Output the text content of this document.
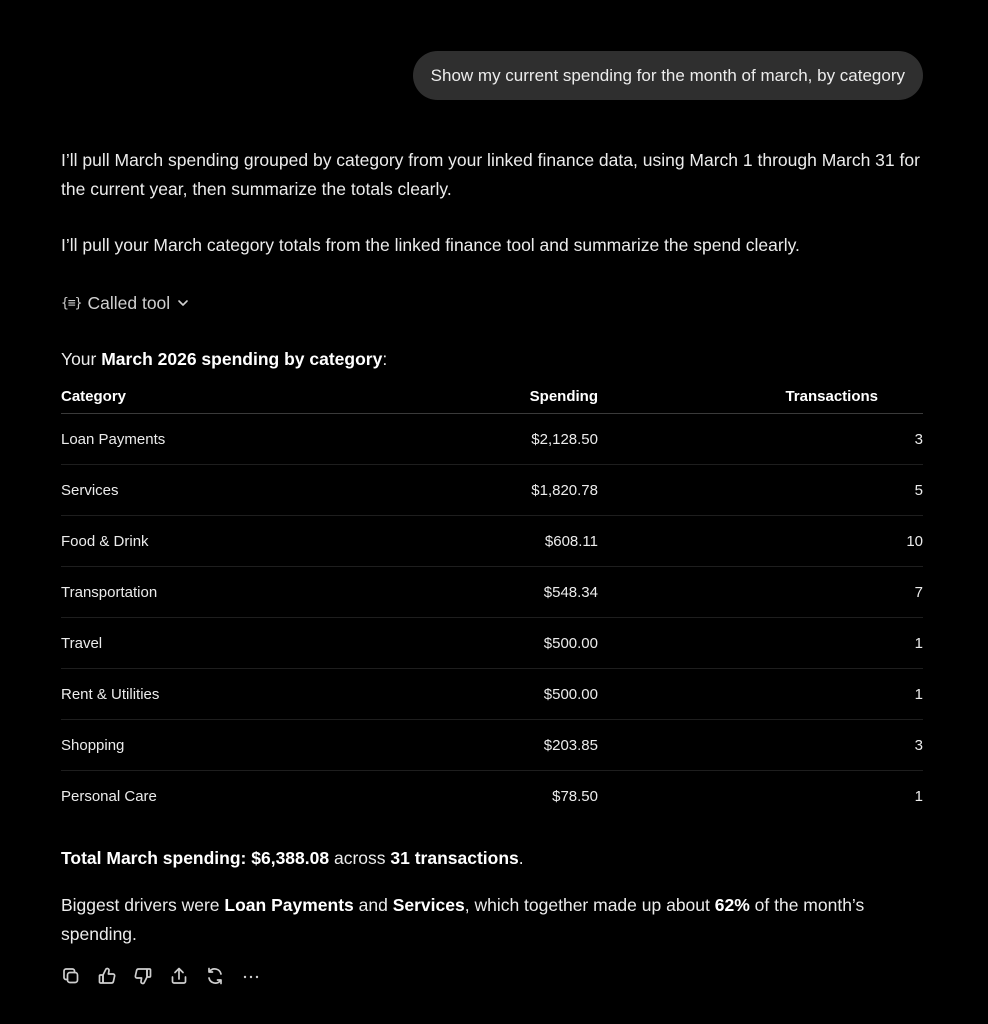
Show my current spending for the month of march, by category

I’ll pull March spending grouped by category from your linked finance data, using March 1 through March 31 for the current year, then summarize the totals clearly.

I’ll pull your March category totals from the linked finance tool and summarize the spend clearly.

{≡} Called tool
Your March 2026 spending by category:
Category	Spending	Transactions
Loan Payments	$2,128.50	3
Services	$1,820.78	5
Food & Drink	$608.11	10
Transportation	$548.34	7
Travel	$500.00	1
Rent & Utilities	$500.00	1
Shopping	$203.85	3
Personal Care	$78.50	1
Total March spending: $6,388.08 across 31 transactions.
Biggest drivers were Loan Payments and Services, which together made up about 62% of the month’s spending.
